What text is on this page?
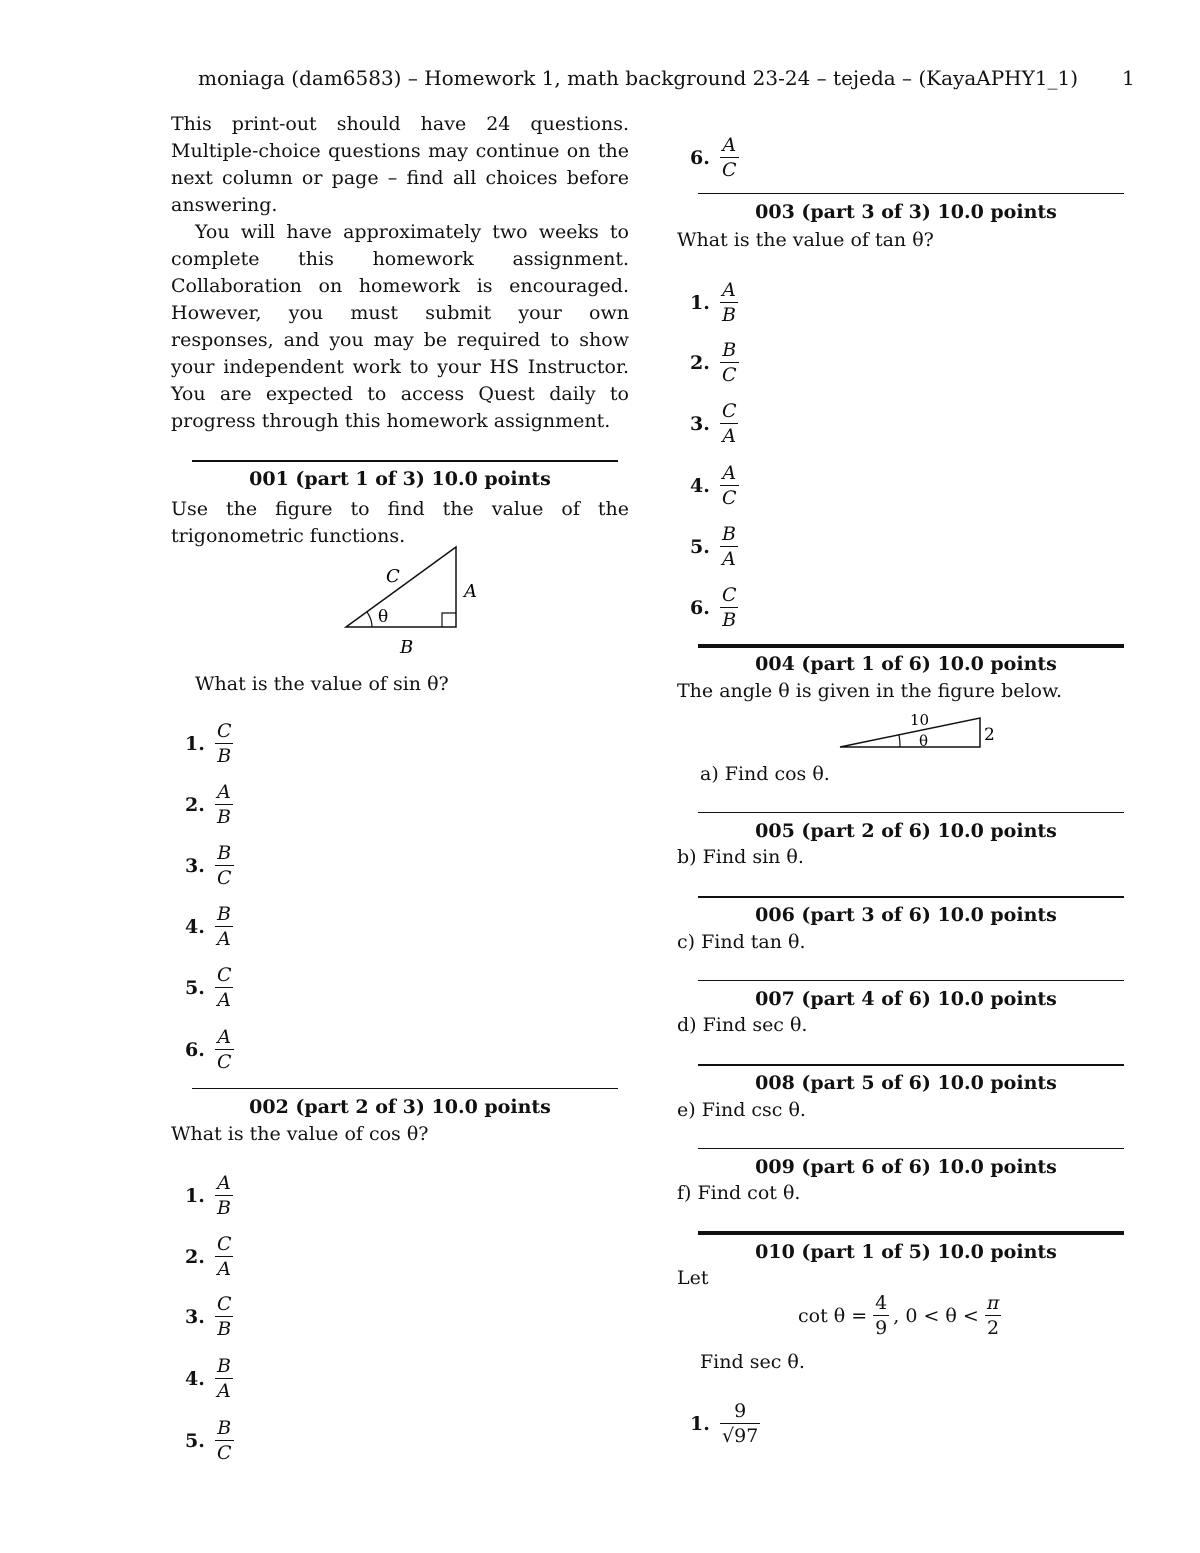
moniaga (dam6583) – Homework 1, math background 23-24 – tejeda – (KayaAPHY1_1) 1

This print-out should have 24 questions. Multiple-choice questions may continue on the next column or page – find all choices before answering.

You will have approximately two weeks to complete this homework assignment. Collaboration on homework is encouraged. However, you must submit your own responses, and you may be required to show your independent work to your HS Instructor. You are expected to access Quest daily to progress through this homework assignment.

001 (part 1 of 3) 10.0 points
Use the figure to find the value of the trigonometric functions.
θ
C
A
B
What is the value of sin θ?
1. $\frac{C}{B}$
2. $\frac{A}{B}$
3. $\frac{B}{C}$
4. $\frac{B}{A}$
5. $\frac{C}{A}$
6. $\frac{A}{C}$
002 (part 2 of 3) 10.0 points
What is the value of cos θ?
1. $\frac{A}{B}$
2. $\frac{C}{A}$
3. $\frac{C}{B}$
4. $\frac{B}{A}$
5. $\frac{B}{C}$
6. $\frac{A}{C}$
003 (part 3 of 3) 10.0 points
What is the value of tan θ?
1. $\frac{A}{B}$
2. $\frac{B}{C}$
3. $\frac{C}{A}$
4. $\frac{A}{C}$
5. $\frac{B}{A}$
6. $\frac{C}{B}$
004 (part 1 of 6) 10.0 points
The angle θ is given in the figure below.
θ
10
2
a) Find cos θ.
005 (part 2 of 6) 10.0 points
b) Find sin θ.
006 (part 3 of 6) 10.0 points
c) Find tan θ.
007 (part 4 of 6) 10.0 points
d) Find sec θ.
008 (part 5 of 6) 10.0 points
e) Find csc θ.
009 (part 6 of 6) 10.0 points
f) Find cot θ.
010 (part 1 of 5) 10.0 points
Let
$\cot \theta = \frac{4}{9}$ , $0 < \theta < \frac{\pi}{2}$
Find sec θ.
1. $\frac{9}{√97}$
